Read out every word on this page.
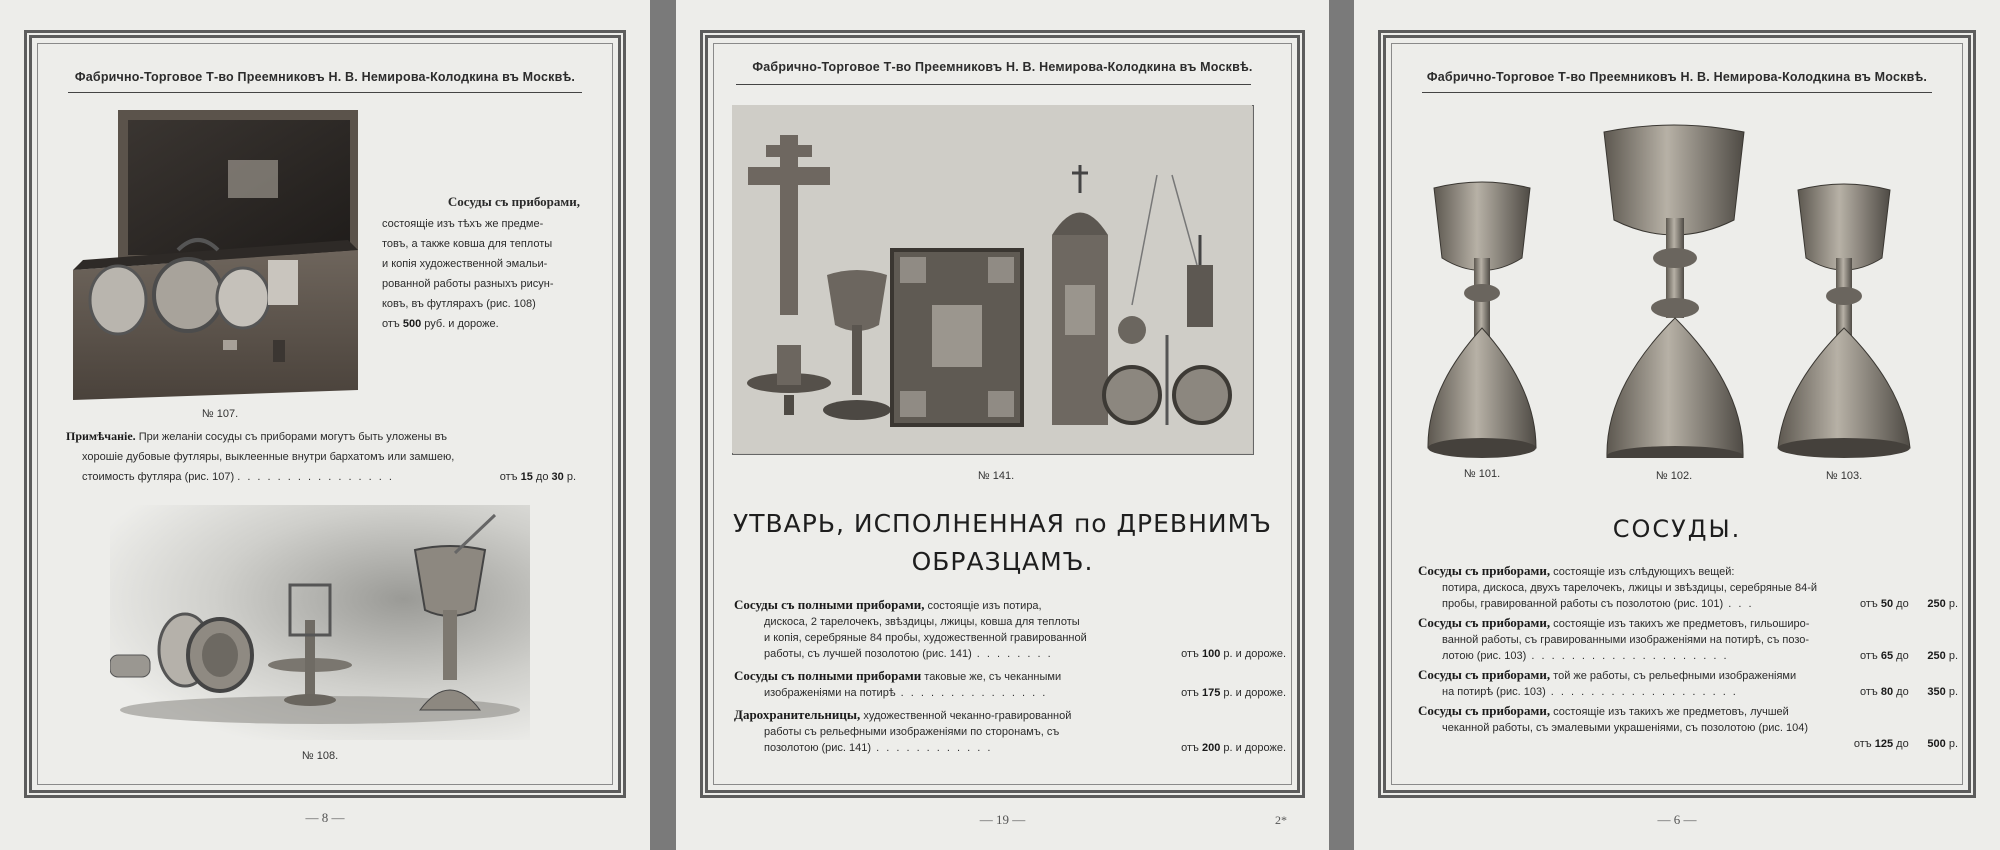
Фабрично-Торговое Т-во Преемниковъ Н. В. Немирова-Колодкина въ Москвѣ.
№ 107.
Сосуды съ приборами,
состоящiе изъ тѣхъ же предме-
товъ, а также ковша для теплоты
и копiя художественной эмальи-
рованной работы разныхъ рисун-
ковъ, въ футлярахъ (рис. 108)
отъ 500 руб. и дороже.
Примѣчанiе. При желанiи сосуды съ приборами могутъ быть уложены въ
хорошiе дубовые футляры, выклеенные внутри бархатомъ или замшею,
стоимость футляра (рис. 107) . . . . . . . . . . . . . . . .	отъ 15 до 30 р.
№ 108.
— 8 —
Фабрично-Торговое Т-во Преемниковъ Н. В. Немирова-Колодкина въ Москвѣ.
№ 141.
УТВАРЬ, ИСПОЛНЕННАЯ по ДРЕВНИМЪ
ОБРАЗЦАМЪ.
Сосуды съ полными приборами, состоящiе изъ потира,
дискоса, 2 тарелочекъ, звѣздицы, лжицы, ковша для теплоты
и копiя, серебряные 84 пробы, художественной гравированной
работы, съ лучшей позолотою (рис. 141) . . . . . . . .	отъ 100 р. и дороже.
Сосуды съ полными приборами таковые же, съ чеканными
изображенiями на потирѣ . . . . . . . . . . . . . . .	отъ 175 р. и дороже.
Дарохранительницы, художественной чеканно-гравированной
работы съ рельефными изображенiями по сторонамъ, съ
позолотою (рис. 141) . . . . . . . . . . . .	отъ 200 р. и дороже.
— 19 —	2*
Фабрично-Торговое Т-во Преемниковъ Н. В. Немирова-Колодкина въ Москвѣ.
№ 101.	№ 102.	№ 103.
СОСУДЫ.
Сосуды съ приборами, состоящiе изъ слѣдующихъ вещей:
потира, дискоса, двухъ тарелочекъ, лжицы и звѣздицы, серебряные 84-й
пробы, гравированной работы съ позолотою (рис. 101) . . .	отъ 50 до 250 р.
Сосуды съ приборами, состоящiе изъ такихъ же предметовъ, гильоширо-
ванной работы, съ гравированными изображенiями на потирѣ, съ позо-
лотою (рис. 103) . . . . . . . . . . . . . . . . . . . .	отъ 65 до 250 р.
Сосуды съ приборами, той же работы, съ рельефными изображенiями
на потирѣ (рис. 103) . . . . . . . . . . . . . . . . . . .	отъ 80 до 350 р.
Сосуды съ приборами, состоящiе изъ такихъ же предметовъ, лучшей
чеканной работы, съ эмалевыми украшенiями, съ позолотою (рис. 104)
отъ 125 до 500 р.
— 6 —
